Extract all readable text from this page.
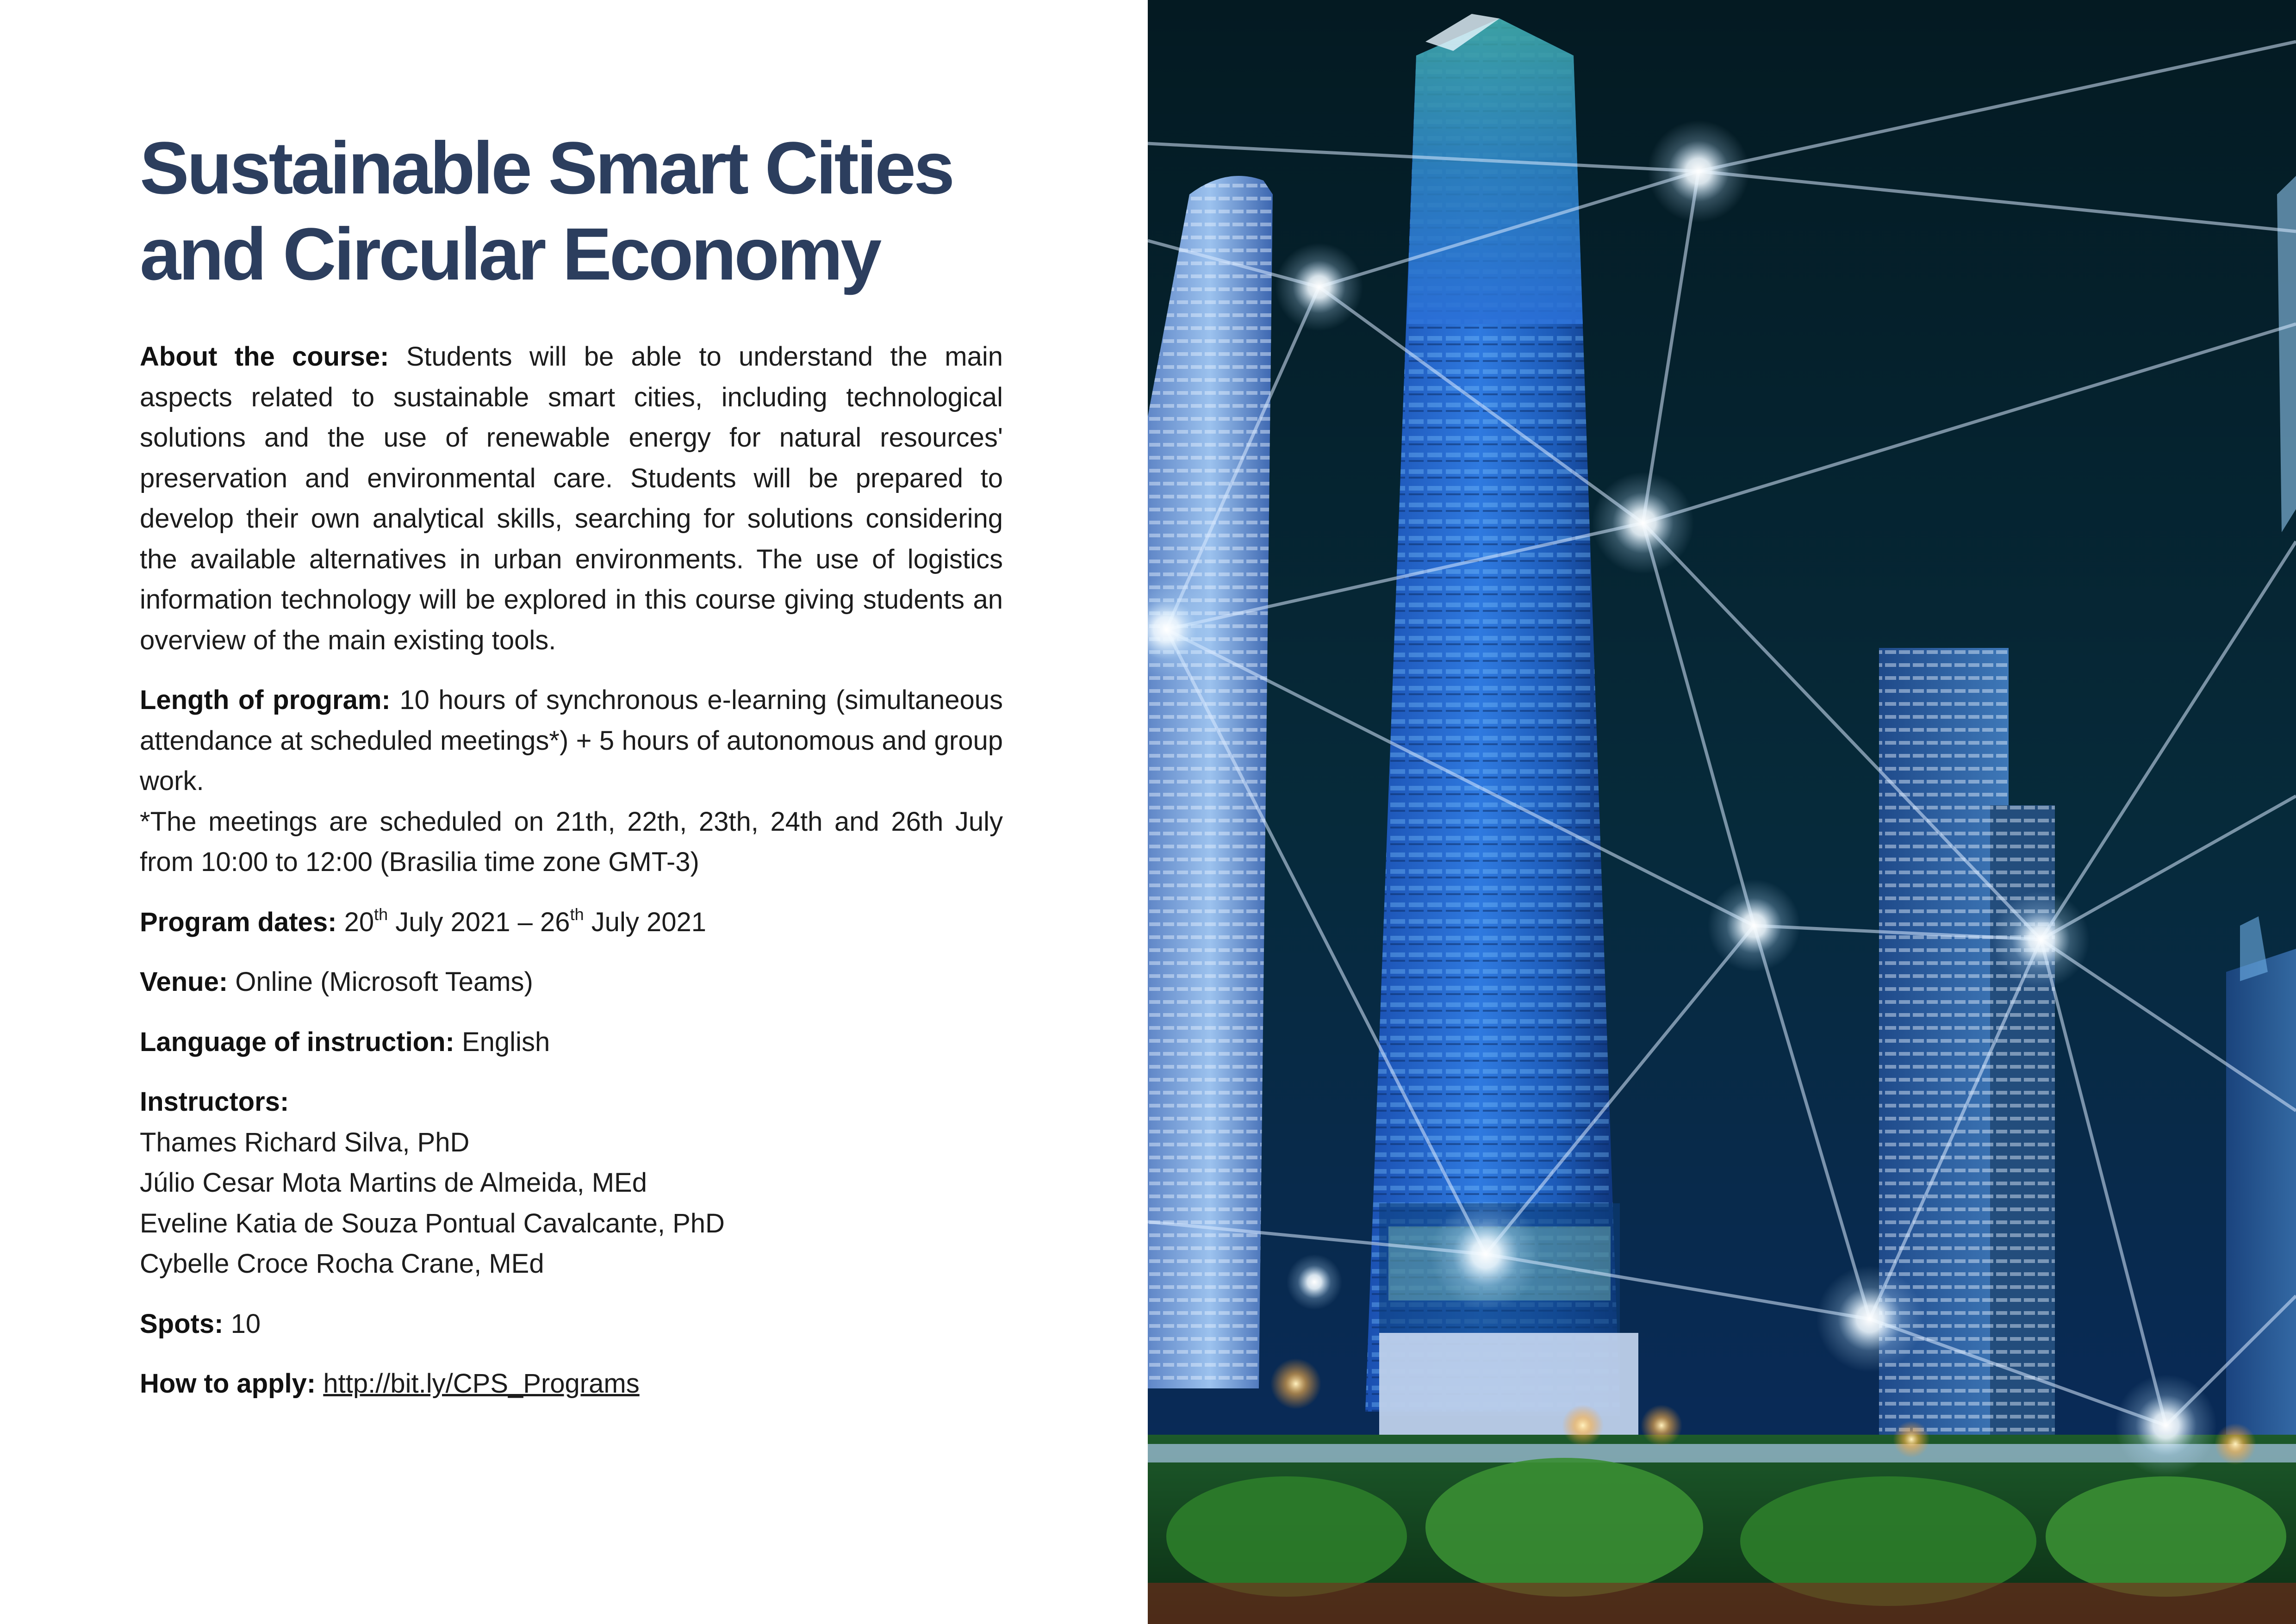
Sustainable Smart Cities
and Circular Economy

About the course: Students will be able to understand the main aspects related to sustainable smart cities, including technological solutions and the use of renewable energy for natural resources' preservation and environmental care. Students will be prepared to develop their own analytical skills, searching for solutions considering the available alternatives in urban environments. The use of logistics information technology will be explored in this course giving students an overview of the main existing tools.

Length of program: 10 hours of synchronous e-learning (simultaneous attendance at scheduled meetings*) + 5 hours of autonomous and group work.
*The meetings are scheduled on 21th, 22th, 23th, 24th and 26th July from 10:00 to 12:00 (Brasilia time zone GMT-3)

Program dates: 20th July 2021 – 26th July 2021

Venue: Online (Microsoft Teams)

Language of instruction: English

Instructors:
Thames Richard Silva, PhD
Júlio Cesar Mota Martins de Almeida, MEd
Eveline Katia de Souza Pontual Cavalcante, PhD
Cybelle Croce Rocha Crane, MEd

Spots: 10

How to apply: http://bit.ly/CPS_Programs
